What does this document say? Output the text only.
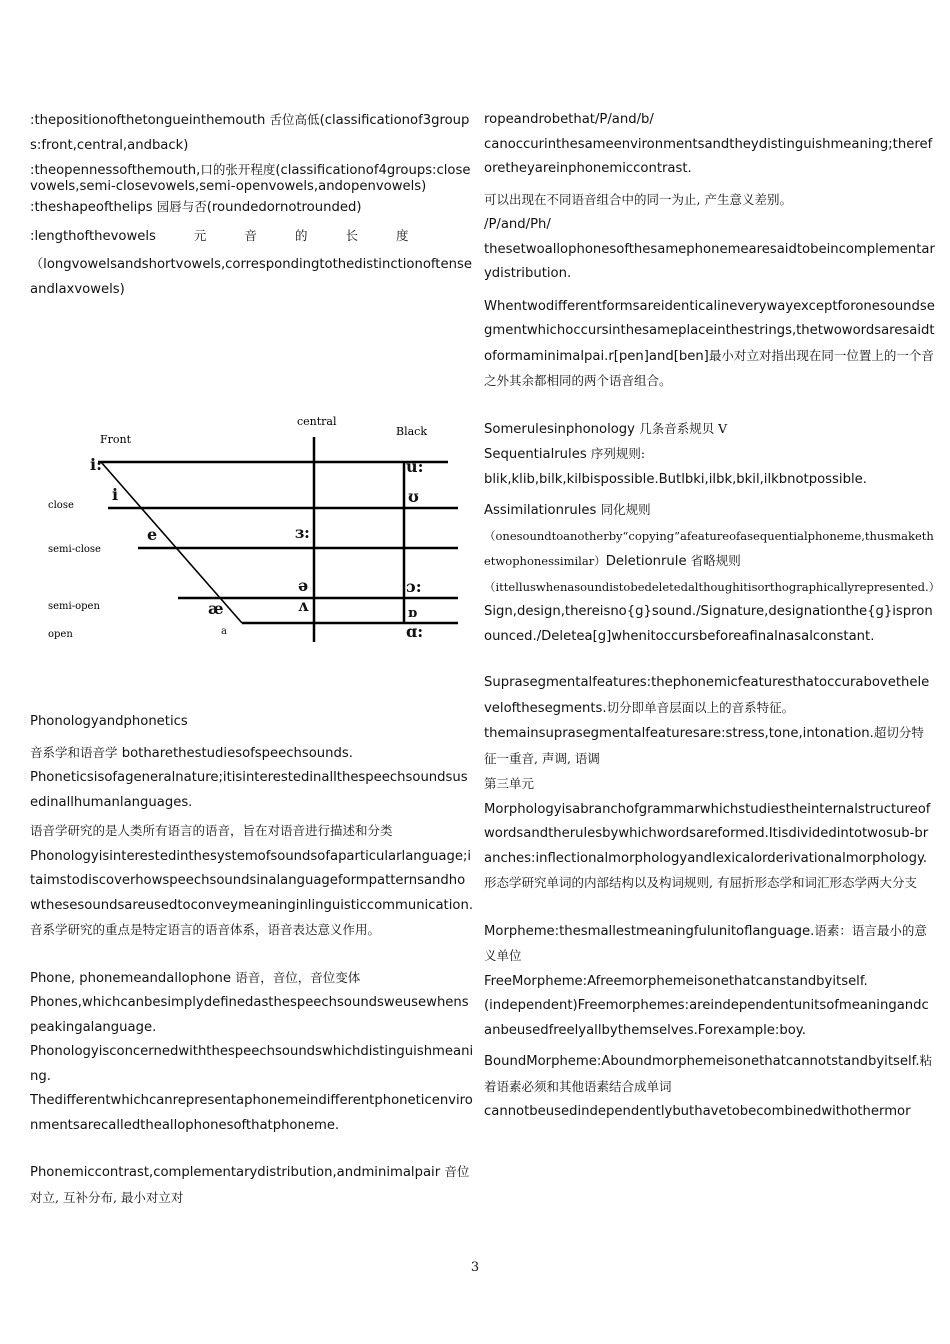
:thepositionofthetongueinthemouth 舌位高低(classificationof3groups:front,central,andback)

:theopennessofthemouth,口的张开程度(classificationof4groups:closevowels,semi-closevowels,semi-openvowels,andopenvowels)

:theshapeofthelips 园唇与否(roundedornotrounded)

:lengthofthevowels	元	音	的	长	度

（longvowelsandshortvowels,correspondingtothedistinctionoftenseandlaxvowels)

central
Front
Black
close
semi-close
semi-open
open
i:
i
e
æ
a
ɜ:
ə
ʌ
u:
ʊ
ɔ:
ɒ
ɑ:

Phonologyandphonetics

音系学和语音学 botharethestudiesofspeechsounds.

Phoneticsisofageneralnature;itisinterestedinallthespeechsoundsusedinallhumanlanguages.

语音学研究的是人类所有语言的语音，旨在对语音进行描述和分类

Phonologyisinterestedinthesystemofsoundsofaparticularlanguage;itaimstodiscoverhowspeechsoundsinalanguageformpatternsandhowthesesoundsareusedtoconveymeaninginlinguisticcommunication.

音系学研究的重点是特定语言的语音体系，语音表达意义作用。

Phone, phonemeandallophone 语音，音位，音位变体

Phones,whichcanbesimplydefinedasthespeechsoundsweusewhenspeakingalanguage.

Phonologyisconcernedwiththespeechsoundswhichdistinguishmeaning.

Thedifferentwhichcanrepresentaphonemeindifferentphoneticenvironmentsarecalledtheallophonesofthatphoneme.

Phonemiccontrast,complementarydistribution,andminimalpair 音位对立, 互补分布, 最小对立对

ropeandrobethat/P/and/b/

canoccurinthesameenvironmentsandtheydistinguishmeaning;thereforetheyareinphonemiccontrast.

可以出现在不同语音组合中的同一为止, 产生意义差别。

/P/and/Ph/

thesetwoallophonesofthesamephonemearesaidtobeincomplementarydistribution.

Whentwodifferentformsareidenticalineverywayexceptforonesoundsegmentwhichoccursinthesameplaceinthestrings,thetwowordsaresaidtoformaminimalpai.r[pen]and[ben]最小对立对指出现在同一位置上的一个音之外其余都相同的两个语音组合。

Somerulesinphonology 几条音系规贝 V

Sequentialrules 序列规则:

blik,klib,bilk,kilbispossible.Butlbki,ilbk,bkil,ilkbnotpossible.

Assimilationrules 同化规则

（onesoundtoanotherby“copying”afeatureofasequentialphoneme,thusmakethetwophonessimilar）Deletionrule 省略规则

（ittelluswhenasoundistobedeletedalthoughitisorthographicallyrepresented.）Sign,design,thereisno{g}sound./Signature,designationthe{g}ispronounced./Deletea[g]whenitoccursbeforeafinalnasalconstant.

Suprasegmentalfeatures:thephonemicfeaturesthatoccurabovethelevelofthesegments.切分即单音层面以上的音系特征。

themainsuprasegmentalfeaturesare:stress,tone,intonation.超切分特征一重音, 声调, 语调

第三单元

Morphologyisabranchofgrammarwhichstudiestheinternalstructureofwordsandtherulesbywhichwordsareformed.Itisdividedintotwosub-branches:inflectionalmorphologyandlexicalorderivationalmorphology.

形态学研究单词的内部结构以及构词规则, 有屈折形态学和词汇形态学两大分支

Morpheme:thesmallestmeaningfulunitoflanguage.语素：语言最小的意义单位

FreeMorpheme:Afreemorphemeisonethatcanstandbyitself.

(independent)Freemorphemes:areindependentunitsofmeaningandcanbeusedfreelyallbythemselves.Forexample:boy.

BoundMorpheme:Aboundmorphemeisonethatcannotstandbyitself.粘着语素必须和其他语素结合成单词

cannotbeusedindependentlybuthavetobecombinedwithothermor

3
